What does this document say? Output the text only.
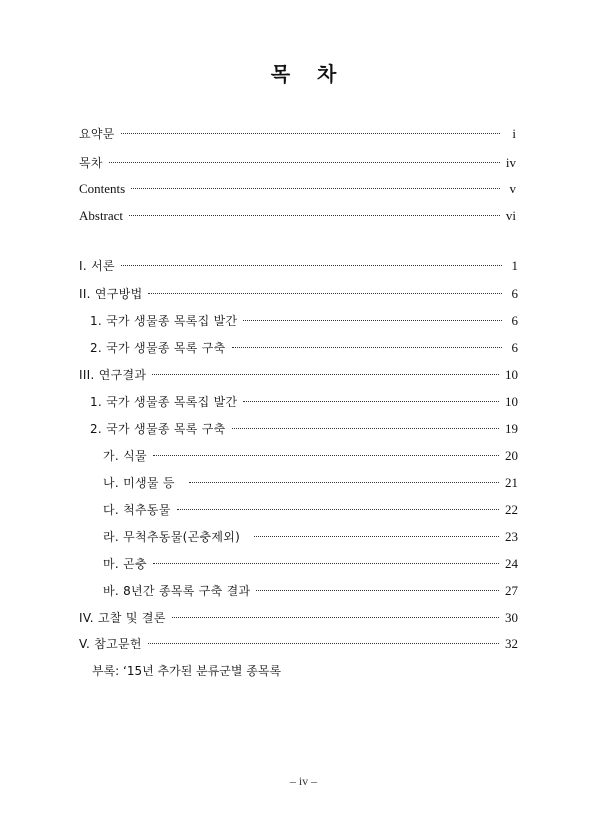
목 차
요약문	i
목차	iv
Contents	v
Abstract	vi
I. 서론	1
II. 연구방법	6
1. 국가 생물종 목록집 발간	6
2. 국가 생물종 목록 구축	6
III. 연구결과	10
1. 국가 생물종 목록집 발간	10
2. 국가 생물종 목록 구축	19
가. 식물	20
나. 미생물 등	21
다. 척추동물	22
라. 무척추동물(곤충제외)	23
마. 곤충	24
바. 8년간 종목록 구축 결과	27
IV. 고찰 및 결론	30
V. 참고문헌	32
부록: ‘15년 추가된 분류군별 종목록
– iv –
